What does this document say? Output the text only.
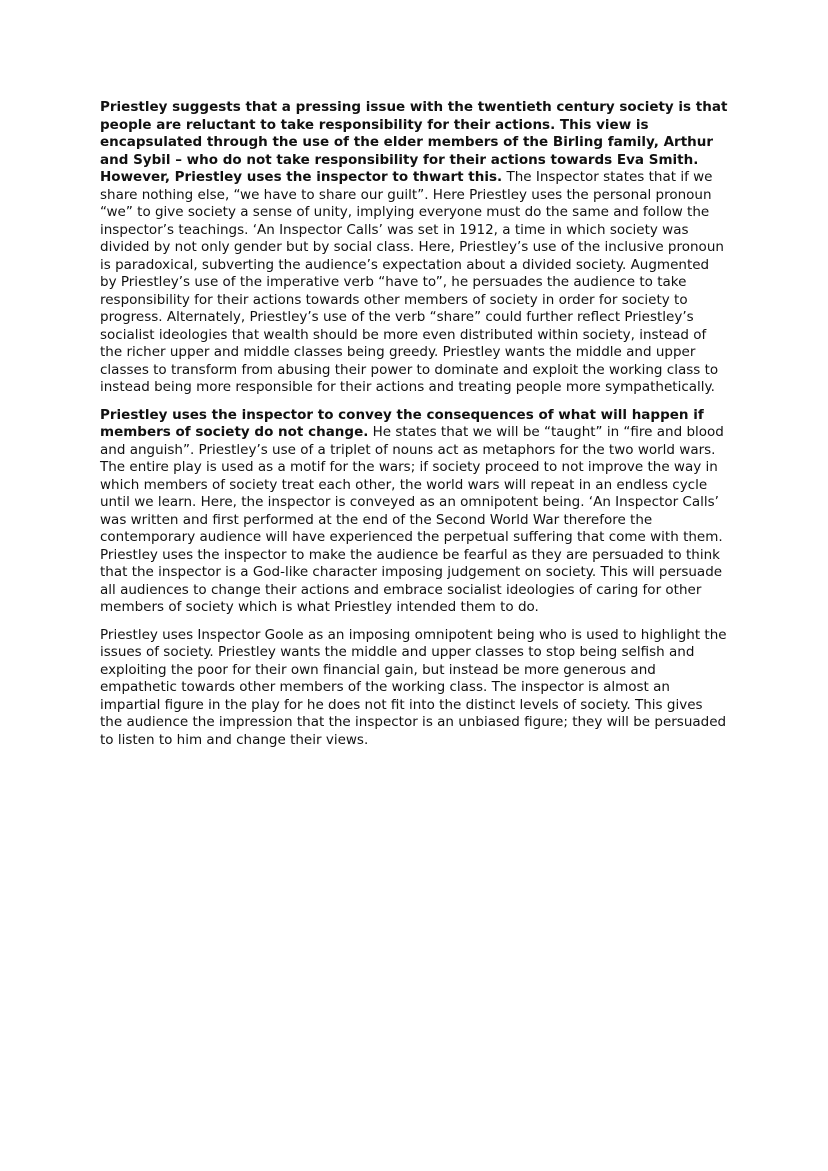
Priestley suggests that a pressing issue with the twentieth century society is that people are reluctant to take responsibility for their actions. This view is encapsulated through the use of the elder members of the Birling family, Arthur and Sybil – who do not take responsibility for their actions towards Eva Smith. However, Priestley uses the inspector to thwart this. The Inspector states that if we share nothing else, “we have to share our guilt”. Here Priestley uses the personal pronoun “we” to give society a sense of unity, implying everyone must do the same and follow the inspector’s teachings. ‘An Inspector Calls’ was set in 1912, a time in which society was divided by not only gender but by social class. Here, Priestley’s use of the inclusive pronoun is paradoxical, subverting the audience’s expectation about a divided society. Augmented by Priestley’s use of the imperative verb “have to”, he persuades the audience to take responsibility for their actions towards other members of society in order for society to progress. Alternately, Priestley’s use of the verb “share” could further reflect Priestley’s socialist ideologies that wealth should be more even distributed within society, instead of the richer upper and middle classes being greedy. Priestley wants the middle and upper classes to transform from abusing their power to dominate and exploit the working class to instead being more responsible for their actions and treating people more sympathetically.

Priestley uses the inspector to convey the consequences of what will happen if members of society do not change. He states that we will be “taught” in “fire and blood and anguish”. Priestley’s use of a triplet of nouns act as metaphors for the two world wars. The entire play is used as a motif for the wars; if society proceed to not improve the way in which members of society treat each other, the world wars will repeat in an endless cycle until we learn. Here, the inspector is conveyed as an omnipotent being. ‘An Inspector Calls’ was written and first performed at the end of the Second World War therefore the contemporary audience will have experienced the perpetual suffering that come with them. Priestley uses the inspector to make the audience be fearful as they are persuaded to think that the inspector is a God-like character imposing judgement on society. This will persuade all audiences to change their actions and embrace socialist ideologies of caring for other members of society which is what Priestley intended them to do.

Priestley uses Inspector Goole as an imposing omnipotent being who is used to highlight the issues of society. Priestley wants the middle and upper classes to stop being selfish and exploiting the poor for their own financial gain, but instead be more generous and empathetic towards other members of the working class. The inspector is almost an impartial figure in the play for he does not fit into the distinct levels of society. This gives the audience the impression that the inspector is an unbiased figure; they will be persuaded to listen to him and change their views.
